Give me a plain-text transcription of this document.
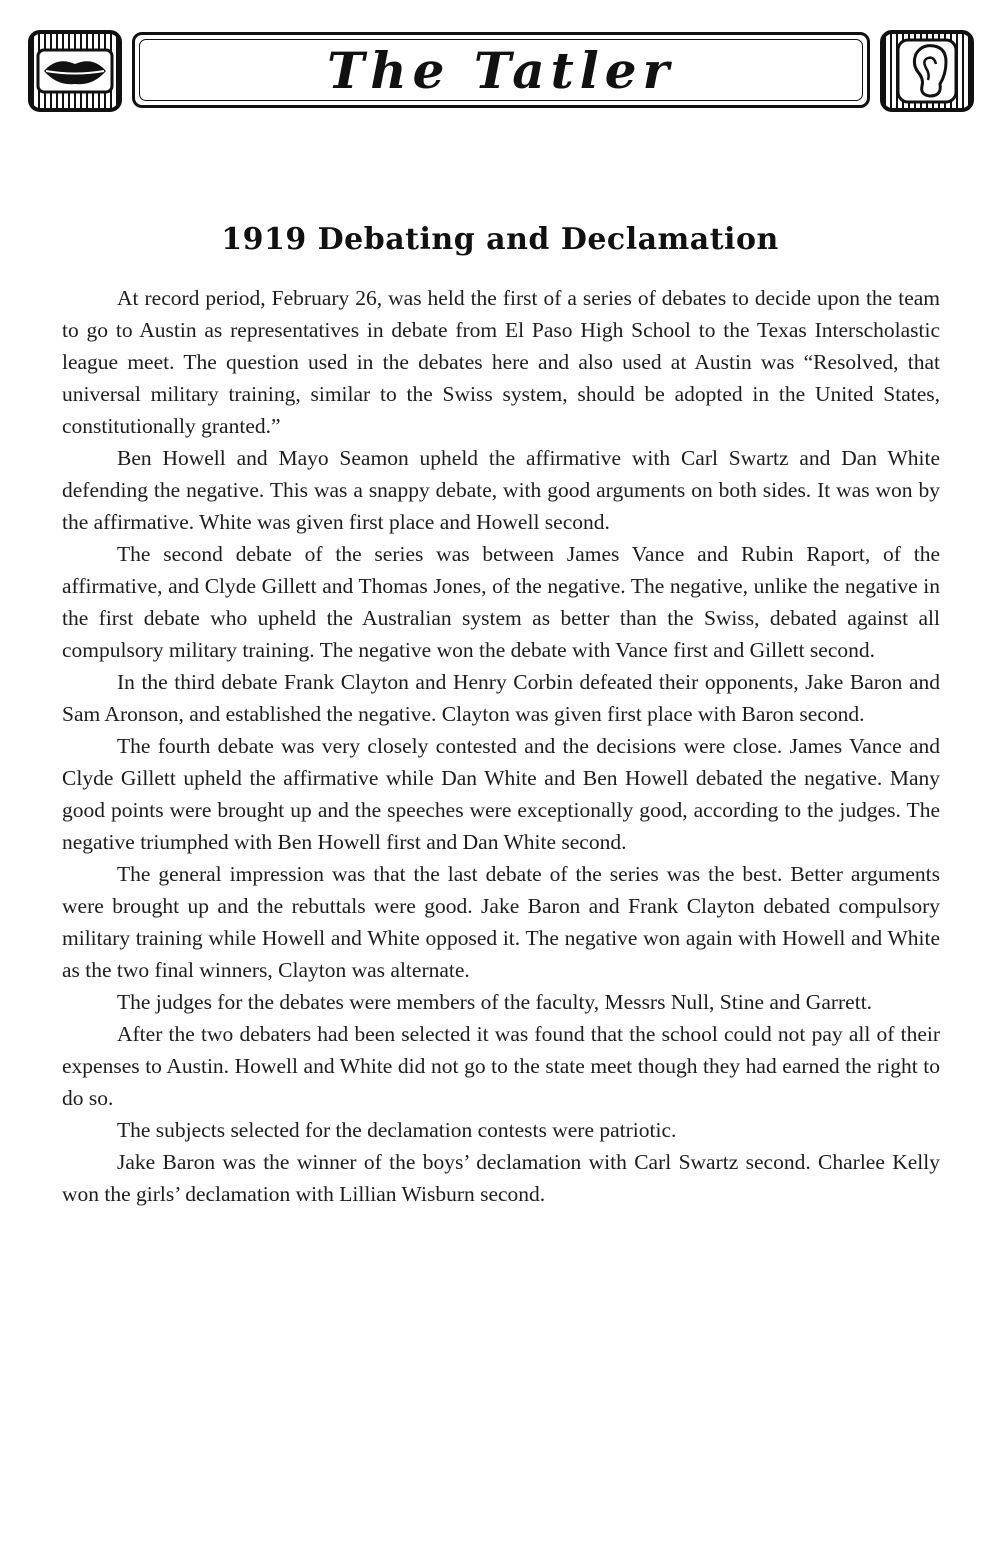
The Tatler
1919 Debating and Declamation

At record period, February 26, was held the first of a series of debates to decide upon the team to go to Austin as representatives in debate from El Paso High School to the Texas Interscholastic league meet. The question used in the debates here and also used at Austin was “Resolved, that universal military training, similar to the Swiss system, should be adopted in the United States, constitutionally granted.”

Ben Howell and Mayo Seamon upheld the affirmative with Carl Swartz and Dan White defending the negative. This was a snappy debate, with good arguments on both sides. It was won by the affirmative. White was given first place and Howell second.

The second debate of the series was between James Vance and Rubin Raport, of the affirmative, and Clyde Gillett and Thomas Jones, of the negative. The negative, unlike the negative in the first debate who upheld the Australian system as better than the Swiss, debated against all compulsory military training. The negative won the debate with Vance first and Gillett second.

In the third debate Frank Clayton and Henry Corbin defeated their opponents, Jake Baron and Sam Aronson, and established the negative. Clayton was given first place with Baron second.

The fourth debate was very closely contested and the decisions were close. James Vance and Clyde Gillett upheld the affirmative while Dan White and Ben Howell debated the negative. Many good points were brought up and the speeches were exceptionally good, according to the judges. The negative triumphed with Ben Howell first and Dan White second.

The general impression was that the last debate of the series was the best. Better arguments were brought up and the rebuttals were good. Jake Baron and Frank Clayton debated compulsory military training while Howell and White opposed it. The negative won again with Howell and White as the two final winners, Clayton was alternate.

The judges for the debates were members of the faculty, Messrs Null, Stine and Garrett.

After the two debaters had been selected it was found that the school could not pay all of their expenses to Austin. Howell and White did not go to the state meet though they had earned the right to do so.

The subjects selected for the declamation contests were patriotic.

Jake Baron was the winner of the boys’ declamation with Carl Swartz second. Charlee Kelly won the girls’ declamation with Lillian Wisburn second.
